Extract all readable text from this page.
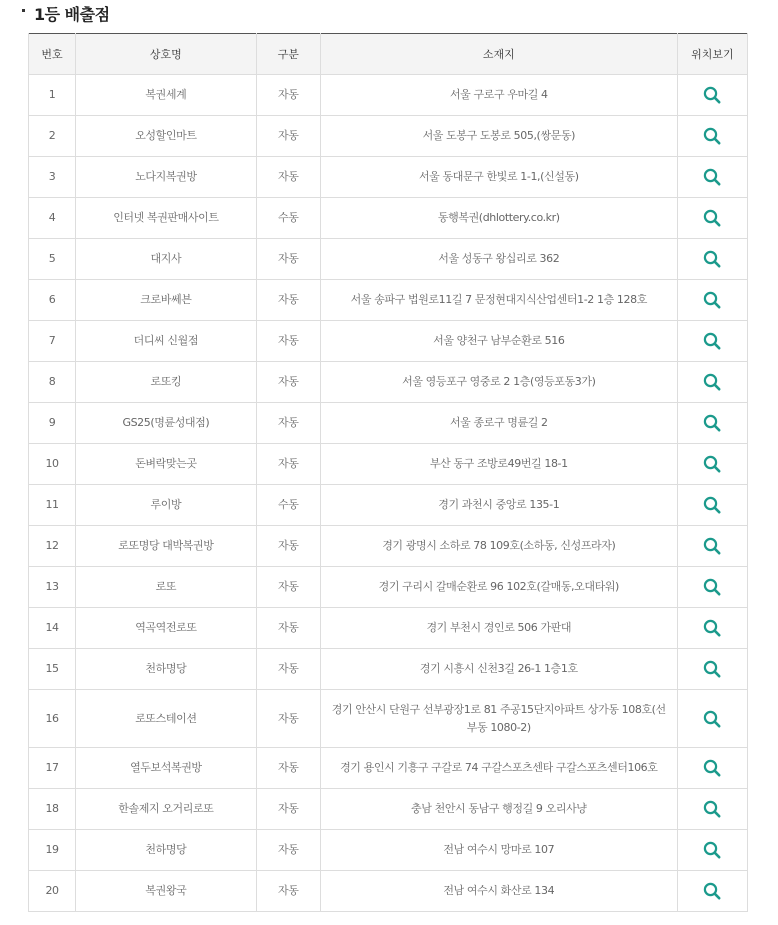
1등 배출점
번호	상호명	구분	소재지	위치보기
1	복권세계	자동	서울 구로구 우마길 4	

2	오성할인마트	자동	서울 도봉구 도봉로 505,(쌍문동)	

3	노다지복권방	자동	서울 동대문구 한빛로 1-1,(신설동)	

4	인터넷 복권판매사이트	수동	동행복권(dhlottery.co.kr)	

5	대지사	자동	서울 성동구 왕십리로 362	

6	크로바쎄븐	자동	서울 송파구 법원로11길 7 문정현대지식산업센터1-2 1층 128호	

7	더디씨 신월점	자동	서울 양천구 남부순환로 516	

8	로또킹	자동	서울 영등포구 영중로 2 1층(영등포동3가)	

9	GS25(명륜성대점)	자동	서울 종로구 명륜길 2	

10	돈벼락맞는곳	자동	부산 동구 조방로49번길 18-1	

11	루이방	수동	경기 과천시 중앙로 135-1	

12	로또명당 대박복권방	자동	경기 광명시 소하로 78 109호(소하동, 신성프라자)	

13	로또	자동	경기 구리시 갈매순환로 96 102호(갈매동,오대타워)	

14	역곡역전로또	자동	경기 부천시 경인로 506 가판대	

15	천하명당	자동	경기 시흥시 신천3길 26-1 1층1호	

16	로또스테이션	자동	경기 안산시 단원구 선부광장1로 81 주공15단지아파트 상가동 108호(선부동 1080-2)	

17	열두보석복권방	자동	경기 용인시 기흥구 구갈로 74 구갈스포츠센타 구갈스포츠센터106호	

18	한솔제지 오거리로또	자동	충남 천안시 동남구 행정길 9 오리사냥	

19	천하명당	자동	전남 여수시 망마로 107	

20	복권왕국	자동	전남 여수시 화산로 134	
